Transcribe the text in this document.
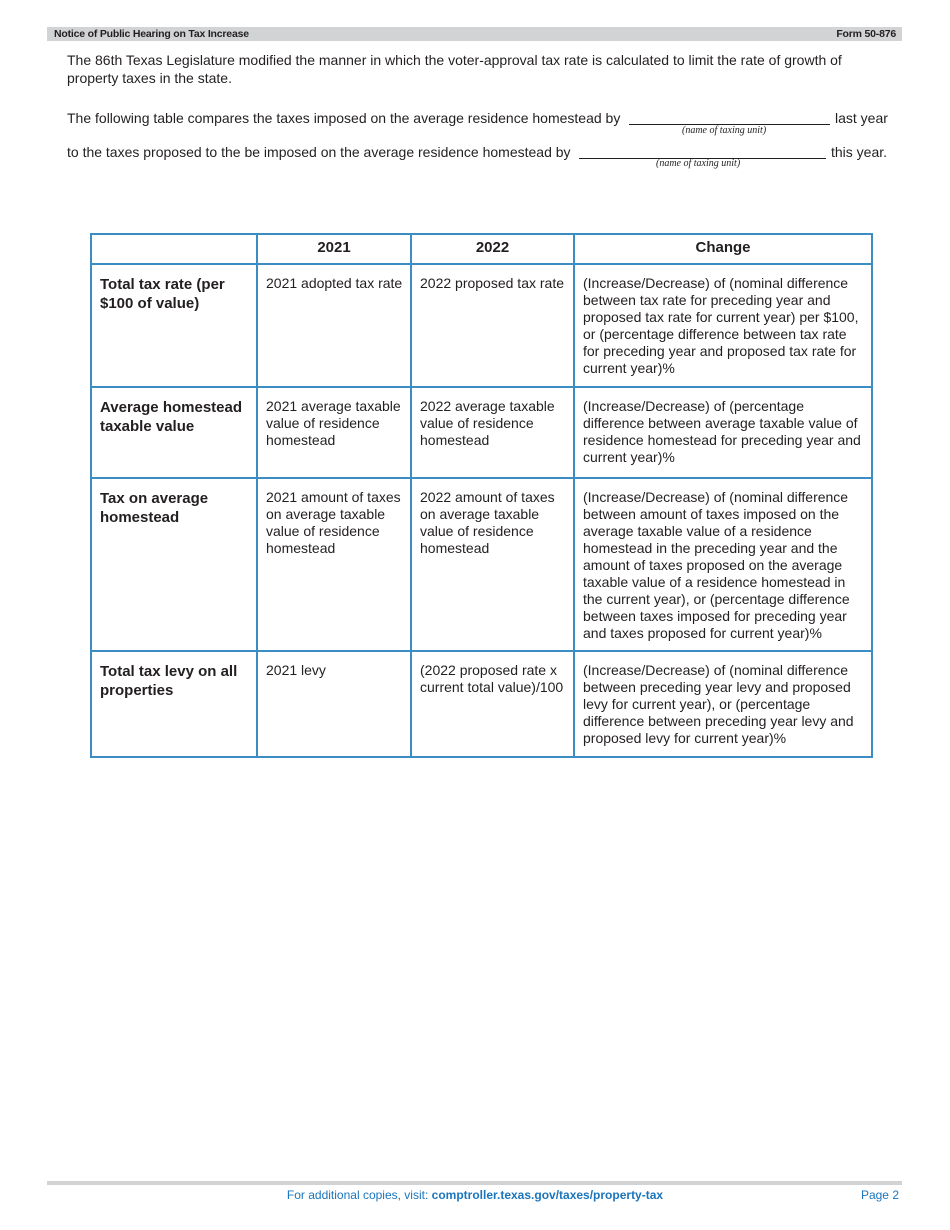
Notice of Public Hearing on Tax Increase	Form 50-876
The 86th Texas Legislature modified the manner in which the voter-approval tax rate is calculated to limit the rate of growth of property taxes in the state.
The following table compares the taxes imposed on the average residence homestead by
(name of taxing unit)
last year
to the taxes proposed to the be imposed on the average residence homestead by
(name of taxing unit)
this year.
	2021	2022	Change
Total tax rate (per $100 of value)	2021 adopted tax rate	2022 proposed tax rate	(Increase/Decrease) of (nominal difference between tax rate for preceding year and proposed tax rate for current year) per $100, or (percentage difference between tax rate for preceding year and proposed tax rate for current year)%
Average homestead taxable value	2021 average taxable value of residence homestead	2022 average taxable value of residence homestead	(Increase/Decrease) of (percentage difference between average taxable value of residence homestead for preceding year and current year)%
Tax on average homestead	2021 amount of taxes on average taxable value of residence homestead	2022 amount of taxes on average taxable value of residence homestead	(Increase/Decrease) of (nominal difference between amount of taxes imposed on the average taxable value of a residence homestead in the preceding year and the amount of taxes proposed on the average taxable value of a residence homestead in the current year), or (percentage difference between taxes imposed for preceding year and taxes proposed for current year)%
Total tax levy on all properties	2021 levy	(2022 proposed rate x current total value)/100	(Increase/Decrease) of (nominal difference between preceding year levy and proposed levy for current year), or (percentage difference between preceding year levy and proposed levy for current year)%
For additional copies, visit: comptroller.texas.gov/taxes/property-tax	Page 2
